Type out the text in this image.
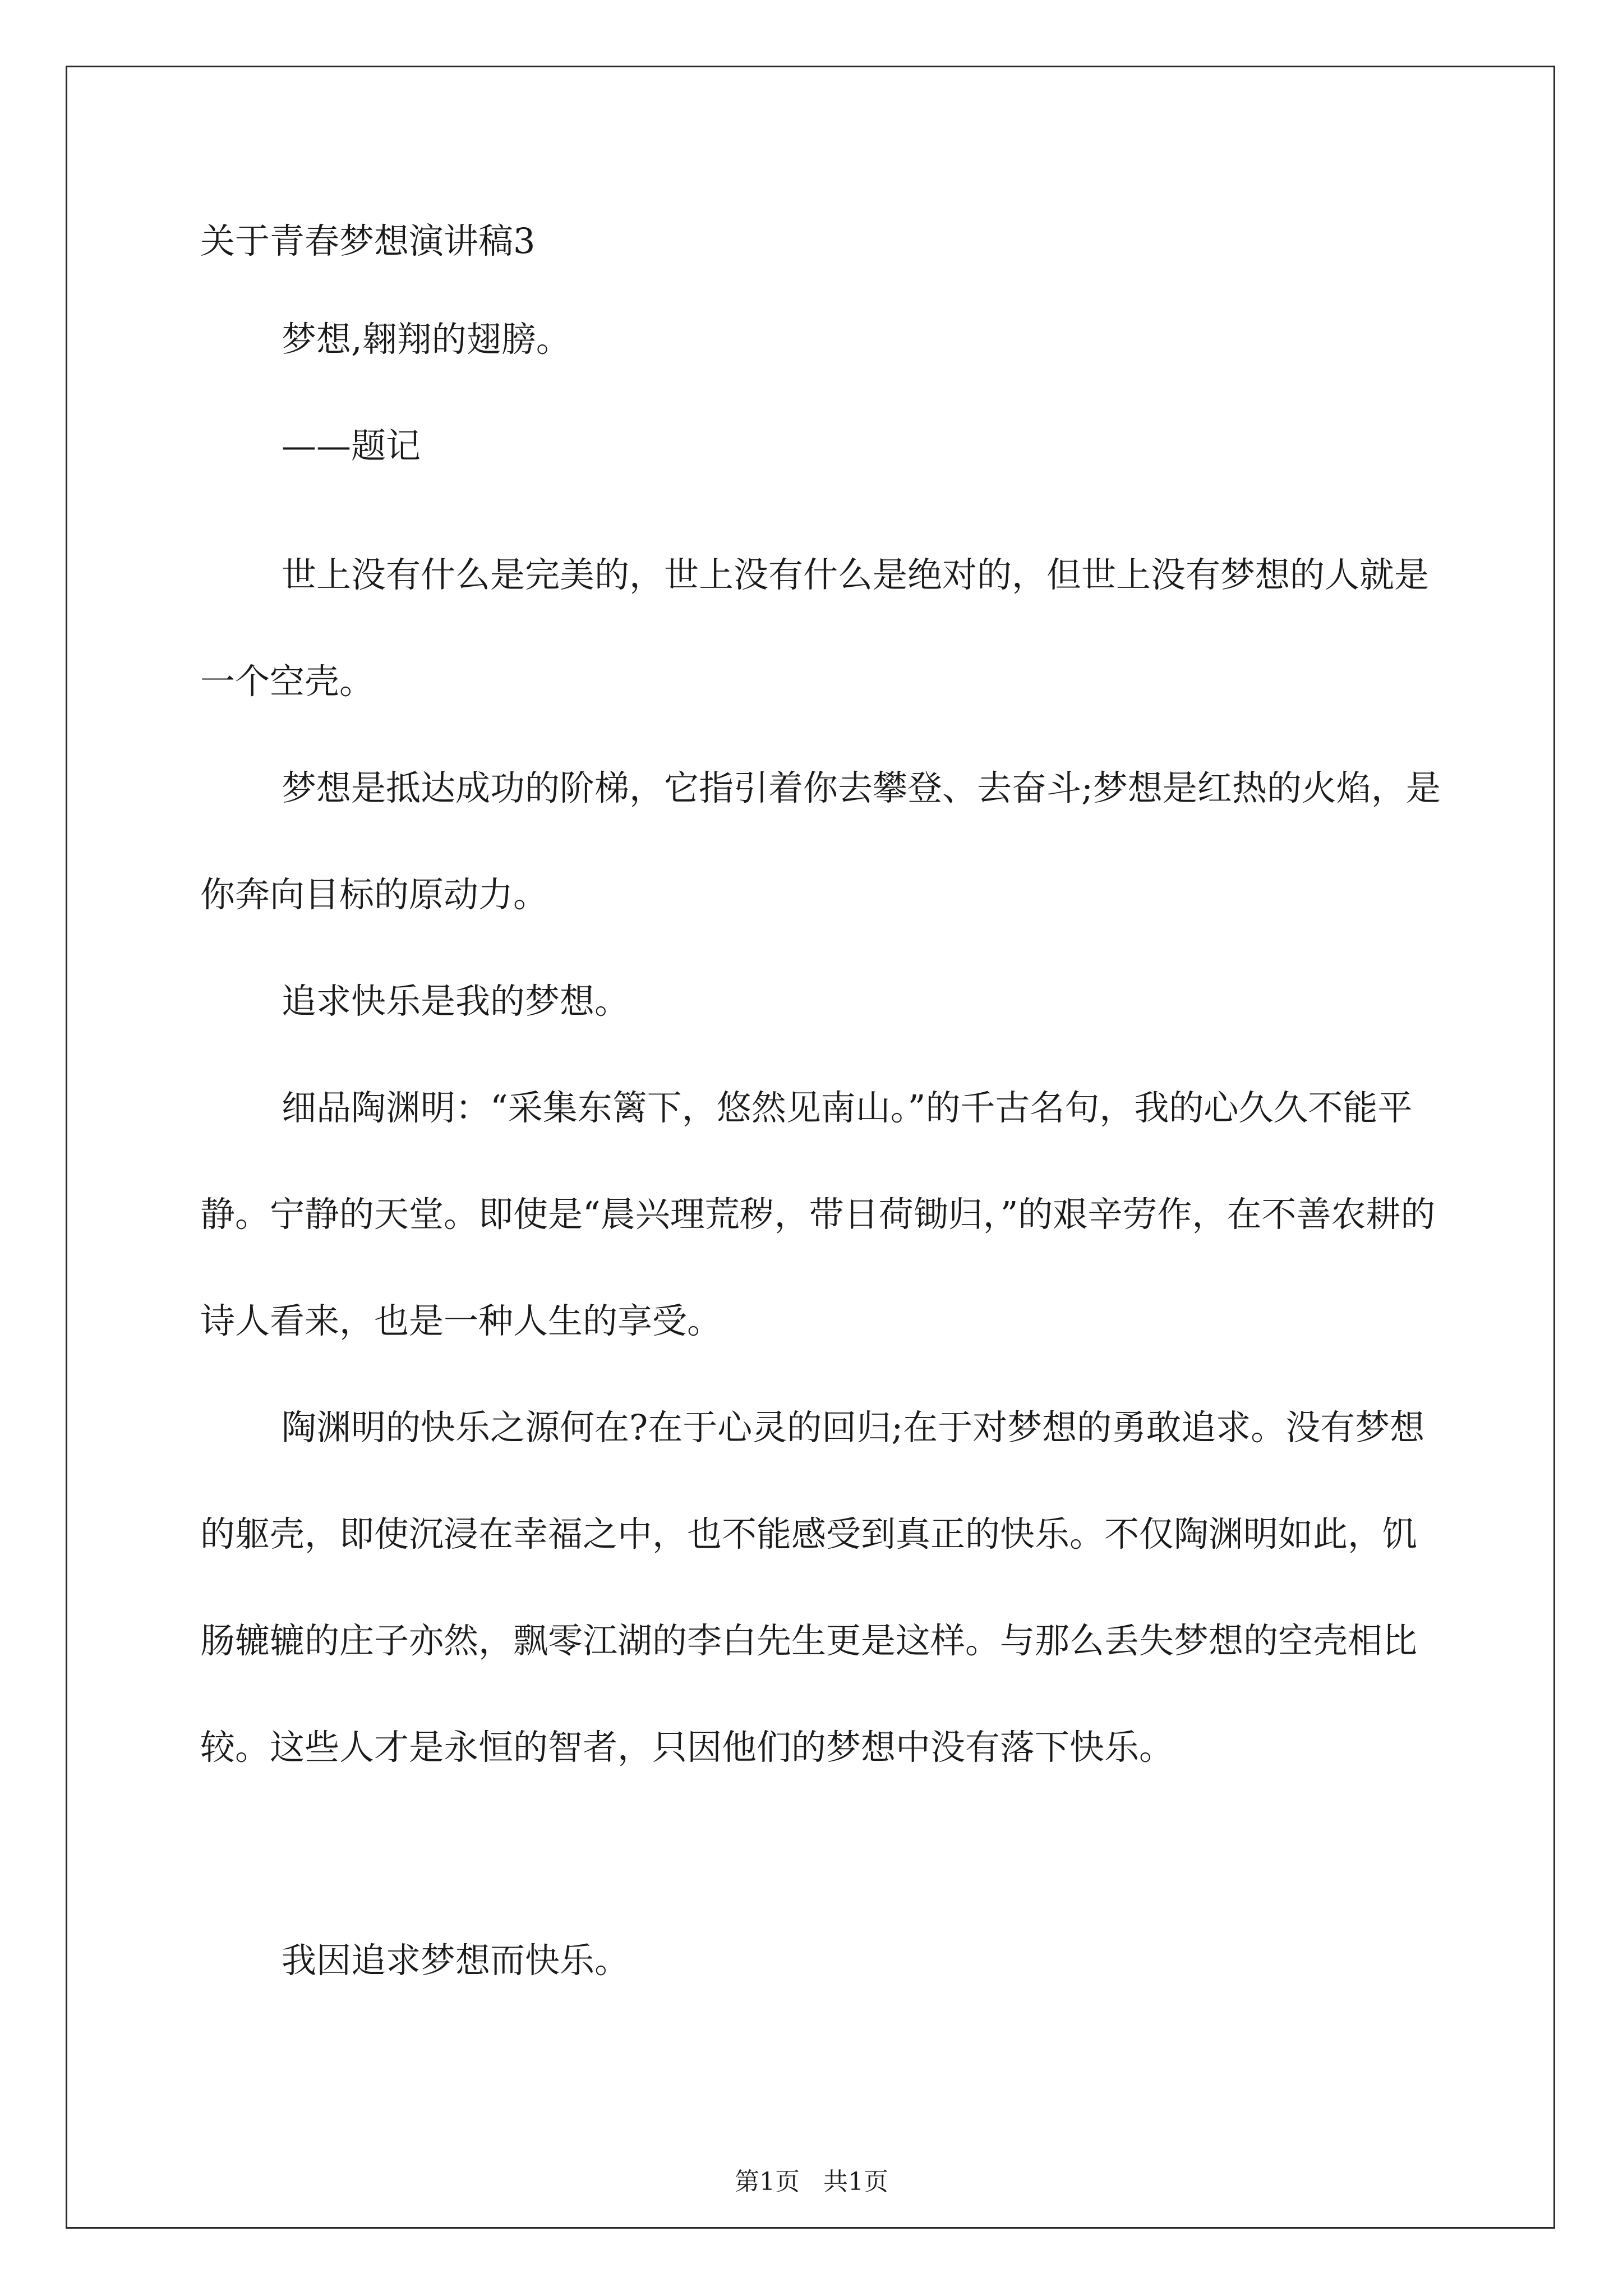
关于青春梦想演讲稿3

梦想,翱翔的翅膀。

——题记

世上没有什么是完美的，世上没有什么是绝对的，但世上没有梦想的人就是一个空壳。

梦想是抵达成功的阶梯，它指引着你去攀登、去奋斗;梦想是红热的火焰，是你奔向目标的原动力。

追求快乐是我的梦想。

细品陶渊明：“采集东篱下，悠然见南山。”的千古名句，我的心久久不能平静。宁静的天堂。即使是“晨兴理荒秽，带日荷锄归，”的艰辛劳作，在不善农耕的诗人看来，也是一种人生的享受。

陶渊明的快乐之源何在?在于心灵的回归;在于对梦想的勇敢追求。没有梦想的躯壳，即使沉浸在幸福之中，也不能感受到真正的快乐。不仅陶渊明如此，饥肠辘辘的庄子亦然，飘零江湖的李白先生更是这样。与那么丢失梦想的空壳相比较。这些人才是永恒的智者，只因他们的梦想中没有落下快乐。

我因追求梦想而快乐。

第1页   共1页
